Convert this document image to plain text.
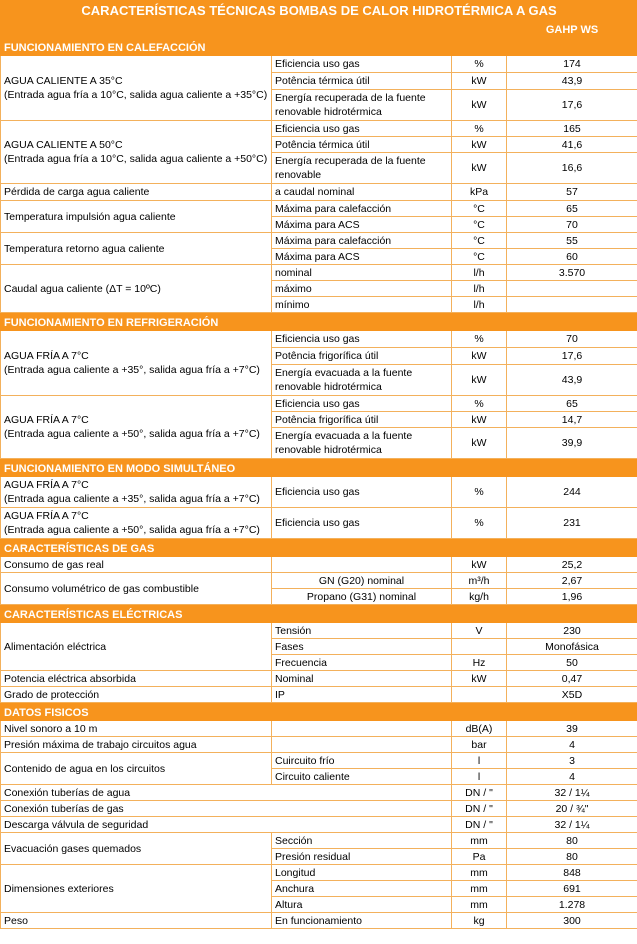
CARACTERÍSTICAS TÉCNICAS BOMBAS DE CALOR HIDROTÉRMICA A GAS			
			GAHP WS
FUNCIONAMIENTO EN CALEFACCIÓN			
AGUA CALIENTE A 35°C
(Entrada agua fría a 10°C, salida agua caliente a +35°C)	Eficiencia uso gas	%	174
	Potência térmica útil	kW	43,9
	Energía recuperada de la fuente renovable hidrotérmica	kW	17,6
AGUA CALIENTE A 50°C
(Entrada agua fría a 10°C, salida agua caliente a +50°C)	Eficiencia uso gas	%	165
	Potência térmica útil	kW	41,6
	Energía recuperada de la fuente renovable	kW	16,6
Pérdida de carga agua caliente	a caudal nominal	kPa	57
Temperatura impulsión agua caliente	Máxima para calefacción	°C	65
	Máxima para ACS	°C	70
Temperatura retorno agua caliente	Máxima para calefacción	°C	55
	Máxima para ACS	°C	60
Caudal agua caliente (ΔT = 10ºC)	nominal	l/h	3.570
	máximo	l/h	
	mínimo	l/h	
FUNCIONAMIENTO EN REFRIGERACIÓN			
AGUA FRÍA A 7°C
(Entrada agua caliente a +35°, salida agua fría a +7°C)	Eficiencia uso gas	%	70
	Potência frigorífica útil	kW	17,6
	Energía evacuada a la fuente renovable hidrotérmica	kW	43,9
AGUA FRÍA A 7°C
(Entrada agua caliente a +50°, salida agua fría a +7°C)	Eficiencia uso gas	%	65
	Potência frigorífica útil	kW	14,7
	Energía evacuada a la fuente renovable hidrotérmica	kW	39,9
FUNCIONAMIENTO EN MODO SIMULTÁNEO			
AGUA FRÍA A 7°C
(Entrada agua caliente a +35°, salida agua fría a +7°C)	Eficiencia uso gas	%	244
AGUA FRÍA A 7°C
(Entrada agua caliente a +50°, salida agua fría a +7°C)	Eficiencia uso gas	%	231
CARACTERÍSTICAS DE GAS			
Consumo de gas real		kW	25,2
Consumo volumétrico de gas combustible	GN (G20) nominal	m³/h	2,67
	Propano (G31) nominal	kg/h	1,96
CARACTERÍSTICAS ELÉCTRICAS			
Alimentación eléctrica	Tensión	V	230
	Fases		Monofásica
	Frecuencia	Hz	50
Potencia eléctrica absorbida	Nominal	kW	0,47
Grado de protección	IP		X5D
DATOS FISICOS			
Nivel sonoro a 10 m		dB(A)	39
Presión máxima de trabajo circuitos agua		bar	4
Contenido de agua en los circuitos	Cuircuito frío	l	3
	Circuito caliente	l	4
Conexión tuberías de agua		DN / "	32 / 1¼
Conexión tuberías de gas		DN / "	20 / ¾"
Descarga válvula de seguridad		DN / "	32 / 1¼
Evacuación gases quemados	Sección	mm	80
	Presión residual	Pa	80
Dimensiones exteriores	Longitud	mm	848
	Anchura	mm	691
	Altura	mm	1.278
Peso	En funcionamiento	kg	300
